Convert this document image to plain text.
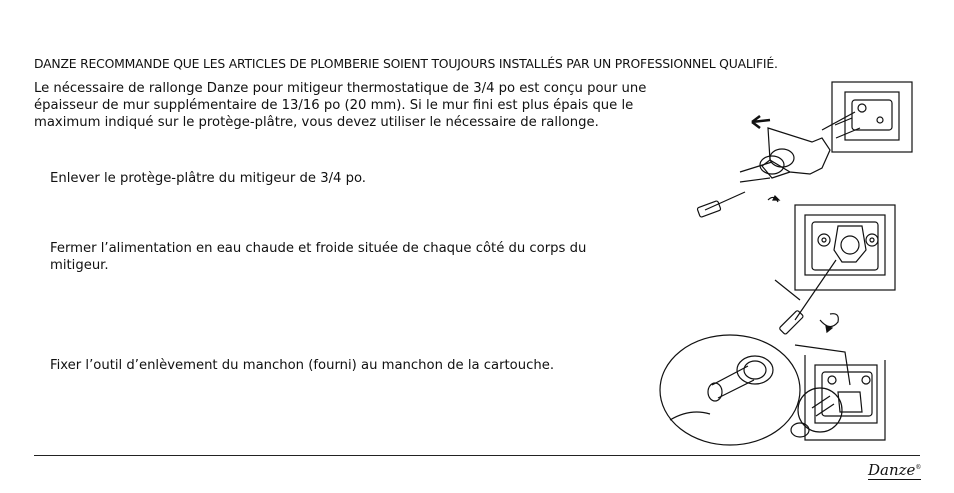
DANZE RECOMMANDE QUE LES ARTICLES DE PLOMBERIE SOIENT TOUJOURS INSTALLÉS PAR UN PROFESSIONNEL QUALIFIÉ.
Le nécessaire de rallonge Danze pour mitigeur thermostatique de 3/4 po est conçu pour une épaisseur de mur supplémentaire de 13/16 po (20 mm). Si le mur fini est plus épais que le maximum indiqué sur le protège-plâtre, vous devez utiliser le nécessaire de rallonge.
Enlever le protège-plâtre du mitigeur de 3/4 po.
Fermer l’alimentation en eau chaude et froide située de chaque côté du corps du mitigeur.
Fixer l’outil d’enlèvement du manchon (fourni) au manchon de la cartouche.
Danze®
